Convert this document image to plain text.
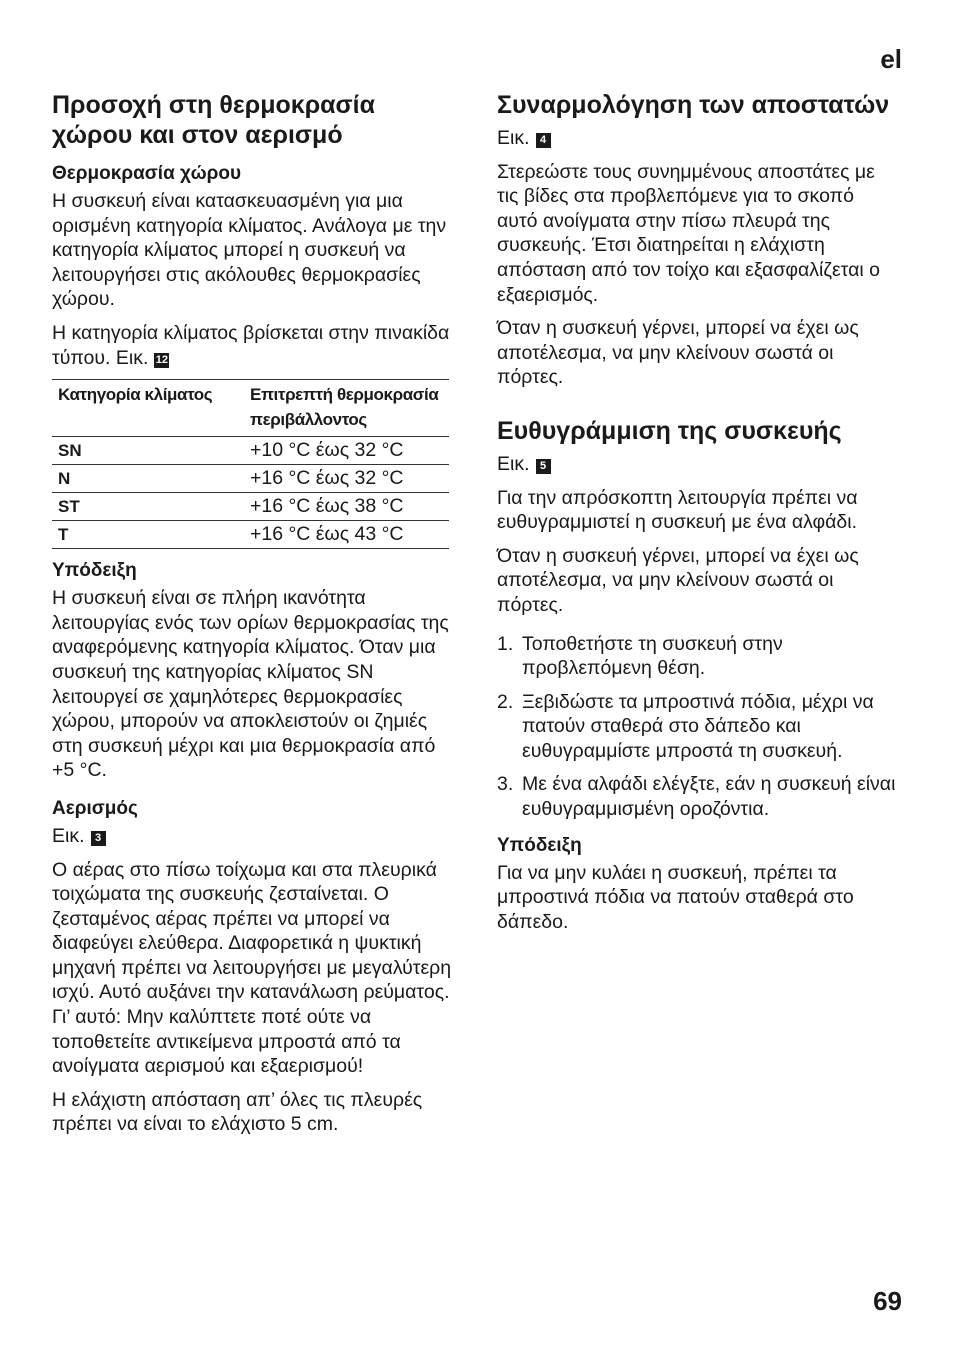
el
Προσοχή στη θερμοκρασία χώρου και στον αερισμό
Θερμοκρασία χώρου

Η συσκευή είναι κατασκευασμένη για μια ορισμένη κατηγορία κλίματος. Ανάλογα με την κατηγορία κλίματος μπορεί η συσκευή να λειτουργήσει στις ακόλουθες θερμοκρασίες χώρου.

Η κατηγορία κλίματος βρίσκεται στην πινακίδα τύπου. Εικ. 12

Κατηγορία κλίματος	Επιτρεπτή θερμοκρασία περιβάλλοντος
SN	+10 °C έως 32 °C
N	+16 °C έως 32 °C
ST	+16 °C έως 38 °C
T	+16 °C έως 43 °C
Υπόδειξη

Η συσκευή είναι σε πλήρη ικανότητα λειτουργίας ενός των ορίων θερμοκρασίας της αναφερόμενης κατηγορία κλίματος. Όταν μια συσκευή της κατηγορίας κλίματος SN λειτουργεί σε χαμηλότερες θερμοκρασίες χώρου, μπορούν να αποκλειστούν οι ζημιές στη συσκευή μέχρι και μια θερμοκρασία από +5 °C.

Αερισμός

Εικ. 3

Ο αέρας στο πίσω τοίχωμα και στα πλευρικά τοιχώματα της συσκευής ζεσταίνεται. Ο ζεσταμένος αέρας πρέπει να μπορεί να διαφεύγει ελεύθερα. Διαφορετικά η ψυκτική μηχανή πρέπει να λειτουργήσει με μεγαλύτερη ισχύ. Αυτό αυξάνει την κατανάλωση ρεύματος. Γι’ αυτό: Μην καλύπτετε ποτέ ούτε να τοποθετείτε αντικείμενα μπροστά από τα ανοίγματα αερισμού και εξαερισμού!

Η ελάχιστη απόσταση απ’ όλες τις πλευρές πρέπει να είναι το ελάχιστο 5 cm.

Συναρμολόγηση των αποστατών

Εικ. 4

Στερεώστε τους συνημμένους αποστάτες με τις βίδες στα προβλεπόμενε για το σκοπό αυτό ανοίγματα στην πίσω πλευρά της συσκευής. Έτσι διατηρείται η ελάχιστη απόσταση από τον τοίχο και εξασφαλίζεται ο εξαερισμός.

Όταν η συσκευή γέρνει, μπορεί να έχει ως αποτέλεσμα, να μην κλείνουν σωστά οι πόρτες.

Ευθυγράμμιση της συσκευής

Εικ. 5

Για την απρόσκοπτη λειτουργία πρέπει να ευθυγραμμιστεί η συσκευή με ένα αλφάδι.

Όταν η συσκευή γέρνει, μπορεί να έχει ως αποτέλεσμα, να μην κλείνουν σωστά οι πόρτες.

1. Τοποθετήστε τη συσκευή στην προβλεπόμενη θέση.
2. Ξεβιδώστε τα μπροστινά πόδια, μέχρι να πατούν σταθερά στο δάπεδο και ευθυγραμμίστε μπροστά τη συσκευή.
3. Με ένα αλφάδι ελέγξτε, εάν η συσκευή είναι ευθυγραμμισμένη οροζόντια.
Υπόδειξη

Για να μην κυλάει η συσκευή, πρέπει τα μπροστινά πόδια να πατούν σταθερά στο δάπεδο.

69
